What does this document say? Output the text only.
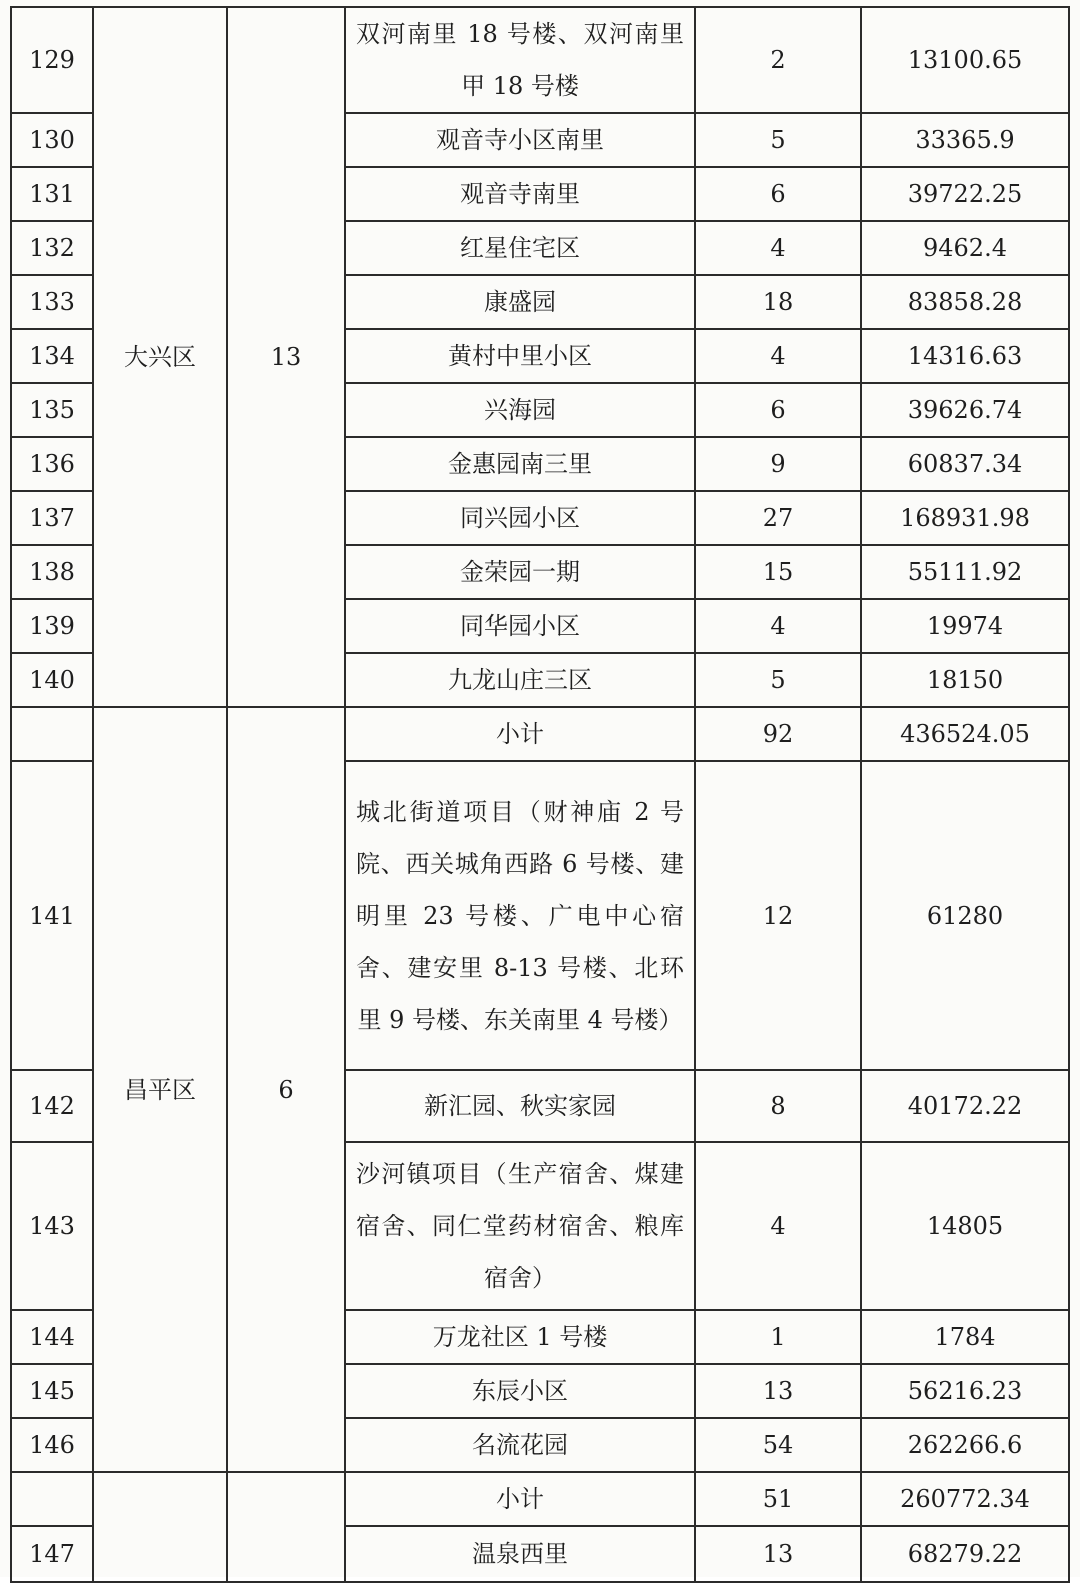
129	大兴区	13	双河南里 18 号楼、双河南里甲 18 号楼	2	13100.65
130			观音寺小区南里	5	33365.9
131			观音寺南里	6	39722.25
132			红星住宅区	4	9462.4
133			康盛园	18	83858.28
134			黄村中里小区	4	14316.63
135			兴海园	6	39626.74
136			金惠园南三里	9	60837.34
137			同兴园小区	27	168931.98
138			金荣园一期	15	55111.92
139			同华园小区	4	19974
140			九龙山庄三区	5	18150
	昌平区	6	小计	92	436524.05
141			城北街道项目（财神庙 2 号院、西关城角西路 6 号楼、建明里 23 号楼、广电中心宿舍、建安里 8-13 号楼、北环里 9 号楼、东关南里 4 号楼）	12	61280
142			新汇园、秋实家园	8	40172.22
143			沙河镇项目（生产宿舍、煤建宿舍、同仁堂药材宿舍、粮库宿舍）	4	14805
144			万龙社区 1 号楼	1	1784
145			东辰小区	13	56216.23
146			名流花园	54	262266.6
			小计	51	260772.34
147			温泉西里	13	68279.22
